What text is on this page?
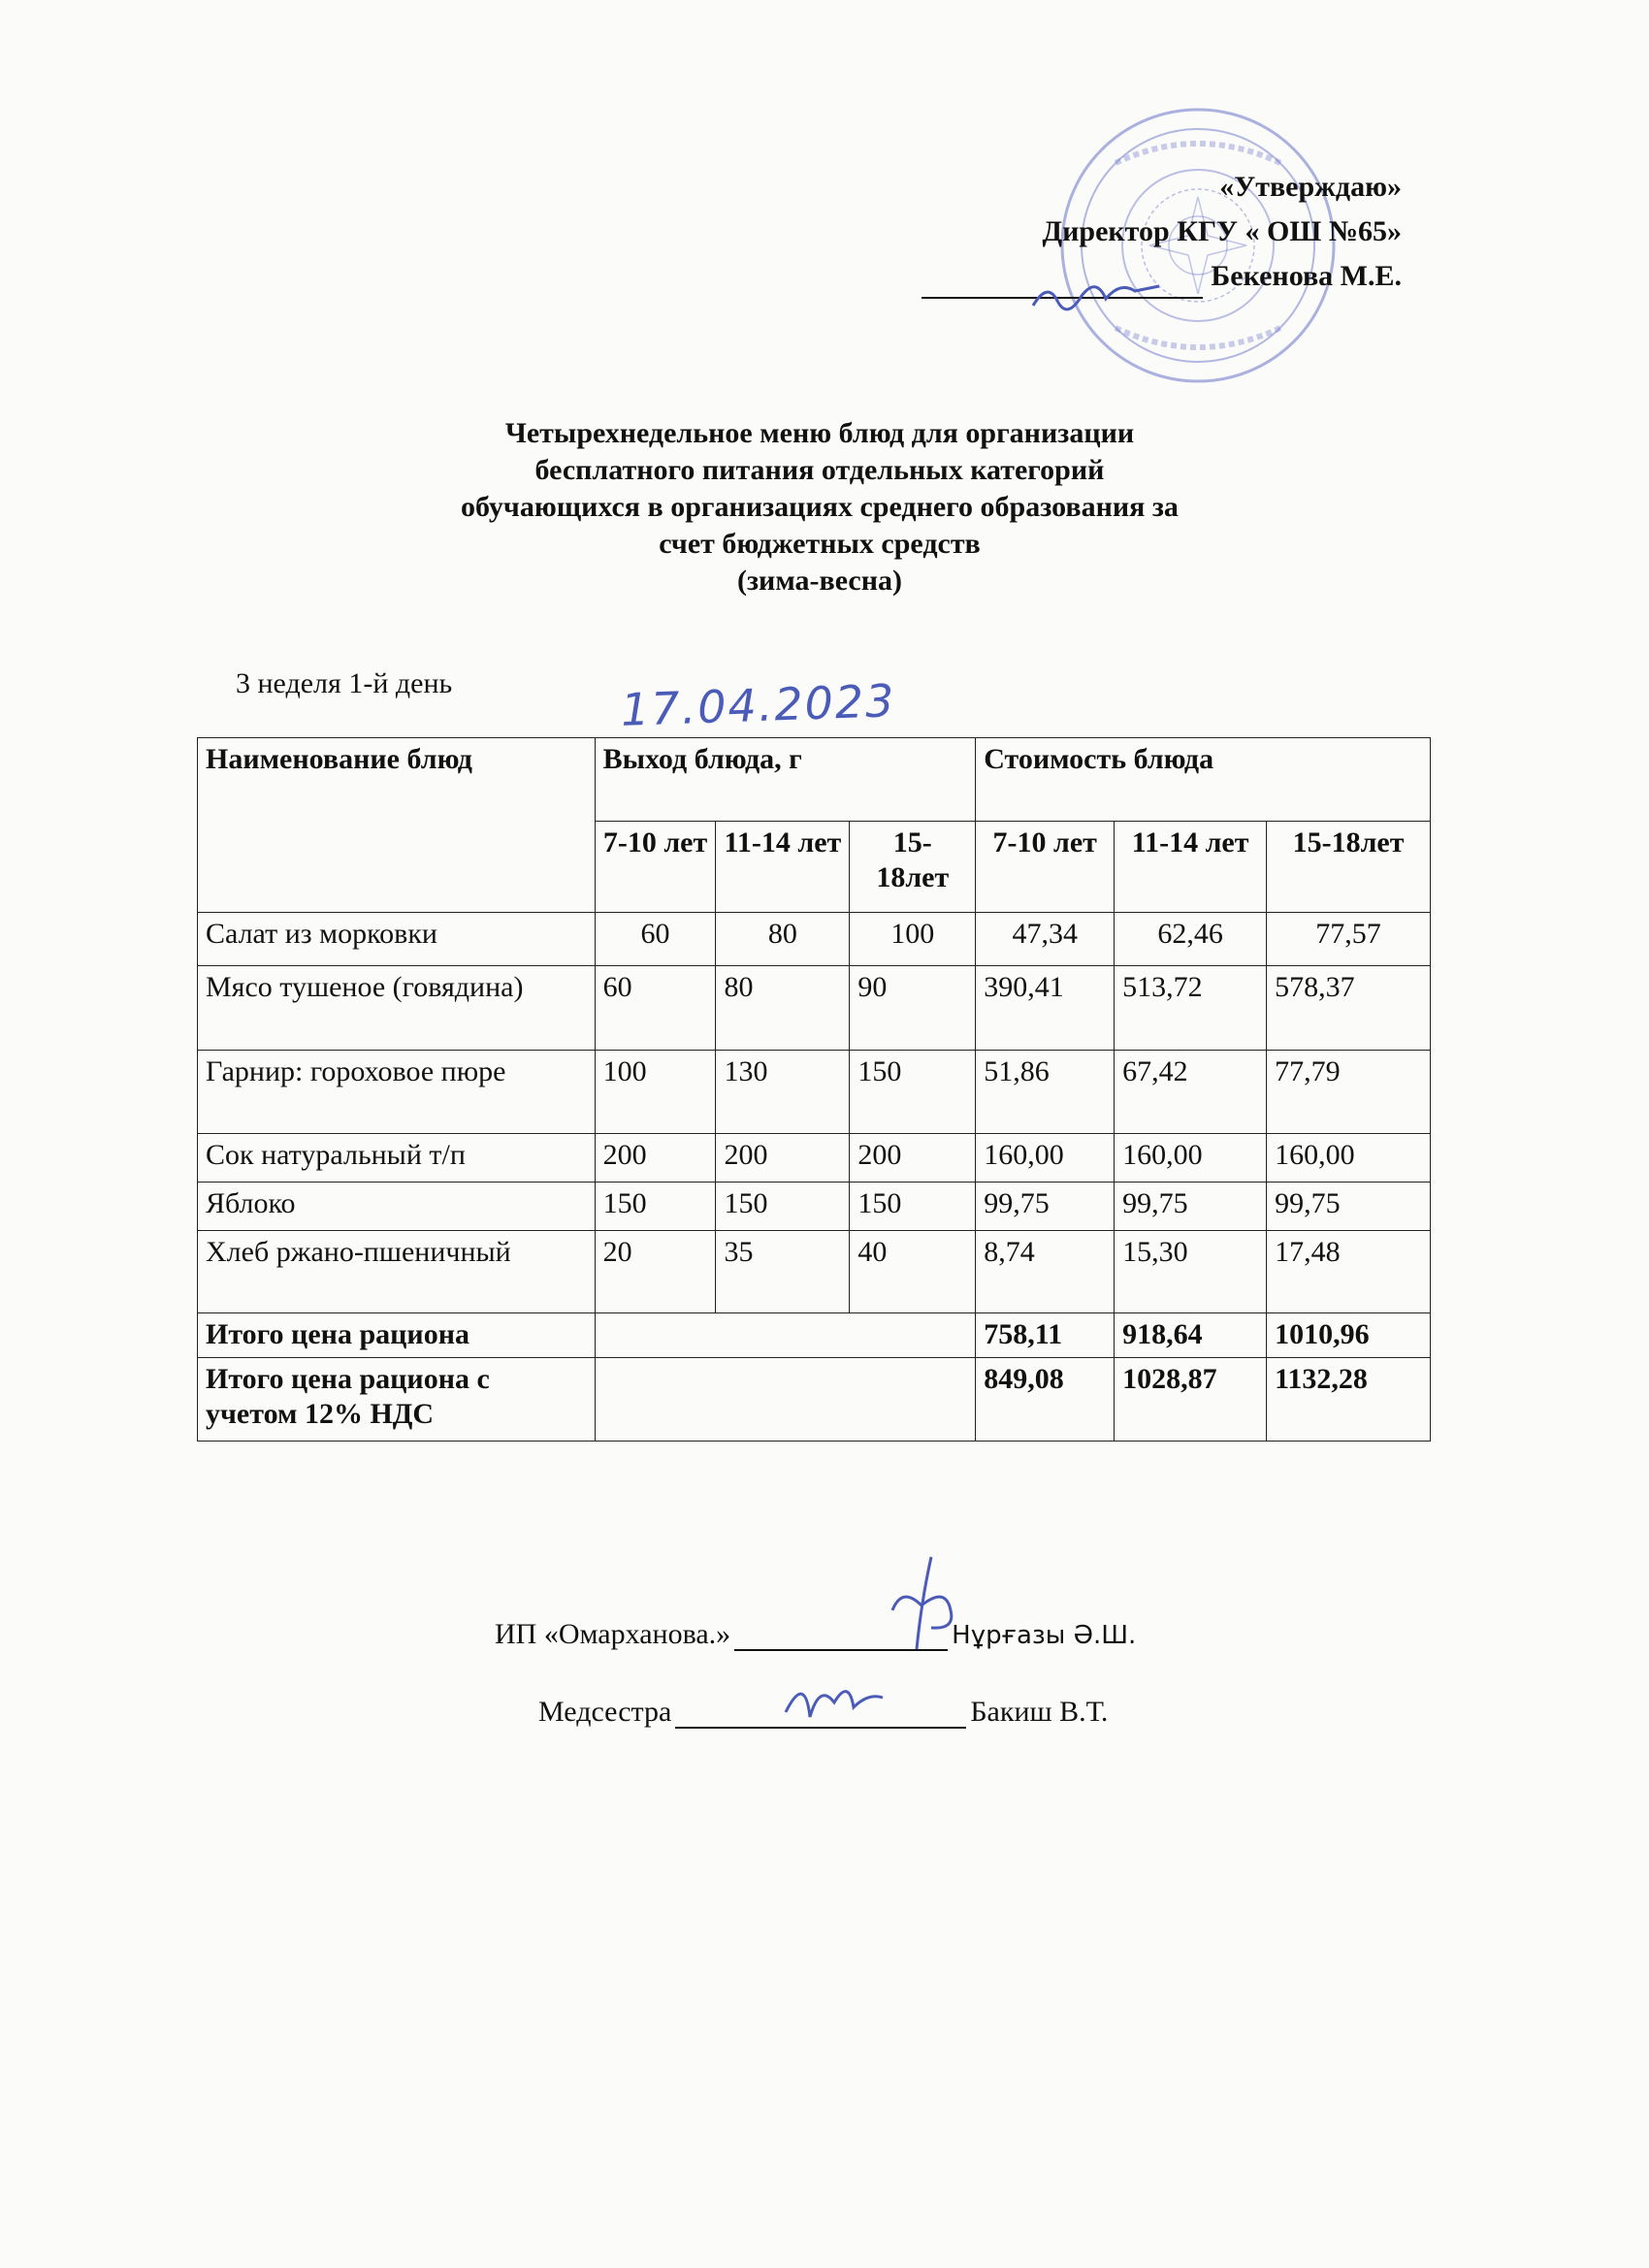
«Утверждаю»
Директор КГУ « ОШ №65»
Бекенова М.Е.
Четырехнедельное меню блюд для организации
бесплатного питания отдельных категорий
обучающихся в организациях среднего образования за
счет бюджетных средств
(зима-весна)
3 неделя 1-й день	17.04.2023
Наименование блюд	Выход блюда, г			Стоимость блюда		
	7-10 лет	11-14 лет	15-18лет	7-10 лет	11-14 лет	15-18лет
Салат из морковки	60	80	100	47,34	62,46	77,57
Мясо тушеное (говядина)	60	80	90	390,41	513,72	578,37
Гарнир: гороховое пюре	100	130	150	51,86	67,42	77,79
Сок натуральный т/п	200	200	200	160,00	160,00	160,00
Яблоко	150	150	150	99,75	99,75	99,75
Хлеб ржано-пшеничный	20	35	40	8,74	15,30	17,48
Итого цена рациона				758,11	918,64	1010,96
Итого цена рациона с учетом 12% НДС				849,08	1028,87	1132,28
ИП «Омарханова.»	Нұрғазы Ә.Ш.
Медсестра	Бакиш В.Т.
